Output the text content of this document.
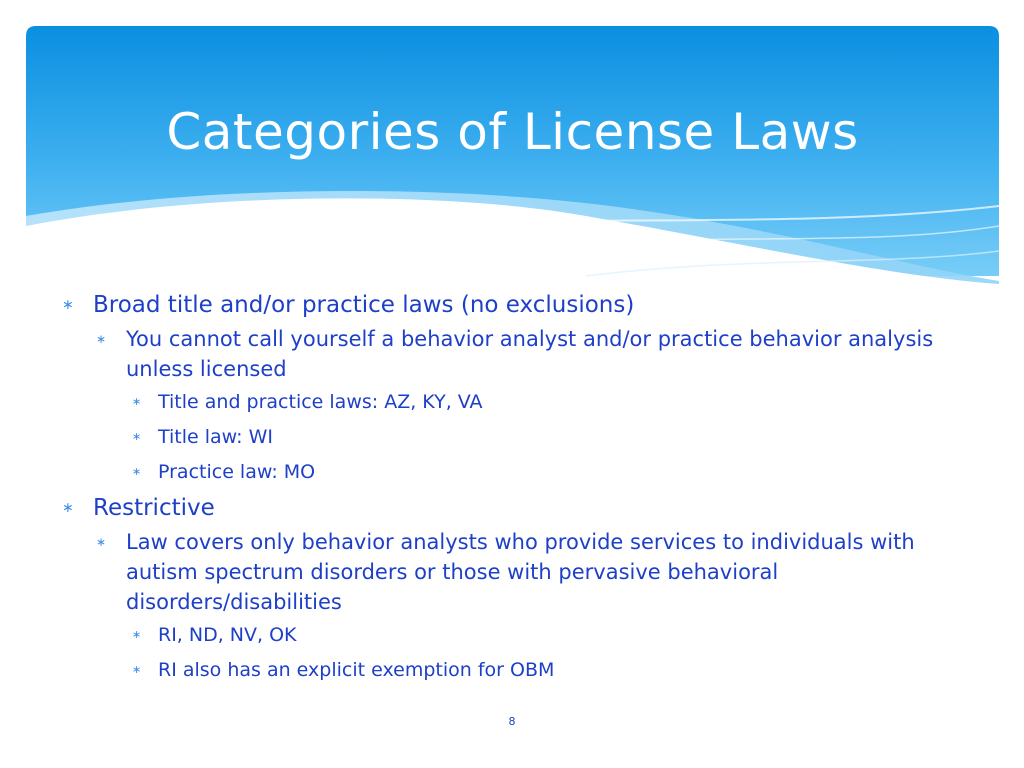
Categories of License Laws

∗ Broad title and/or practice laws (no exclusions)

∗ You cannot call yourself a behavior analyst and/or practice behavior analysis unless licensed

∗ Title and practice laws: AZ, KY, VA

∗ Title law: WI

∗ Practice law: MO

∗ Restrictive

∗ Law covers only behavior analysts who provide services to individuals with autism spectrum disorders or those with pervasive behavioral disorders/disabilities

∗ RI, ND, NV, OK

∗ RI also has an explicit exemption for OBM

8
